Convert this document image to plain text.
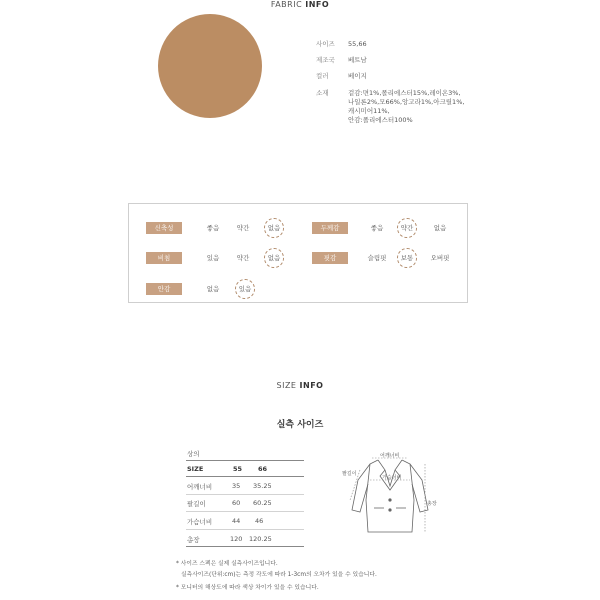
FABRIC INFO
사이즈	55,66
제조국	베트남
컬러	베이지
소재	겉감:면1%,폴리에스터15%,레이온3%,
나일론2%,모66%,앙고라1%,아크릴1%,
캐시미어11%,
안감:폴리에스터100%
신축성	좋음	약간	없음	두께감	좋음	약간	없음
비침	있음	약간	없음	핏감	슬림핏	보통	오버핏
안감	없음	있음
SIZE INFO
실측 사이즈
상의
SIZE	55 66
어깨너비	35 35.25
팔길이	60 60.25
가슴너비	44 46
총장	120 120.25
어깨너비
가슴너비
팔길이
총장
* 사이즈 스펙은 실제 실측사이즈입니다.
실측사이즈(단위:cm)는 측정 각도에 따라 1-3cm의 오차가 있을 수 있습니다.
* 모니터의 해상도에 따라 색상 차이가 있을 수 있습니다.
